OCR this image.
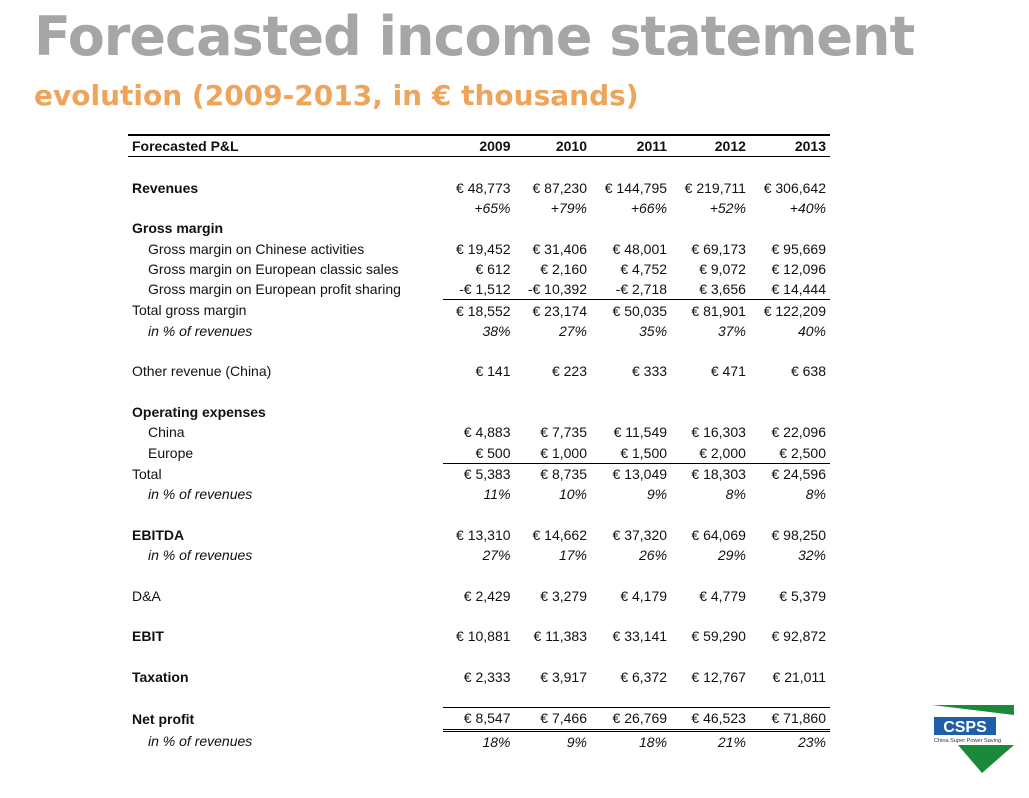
Forecasted income statement
evolution (2009-2013, in € thousands)
Forecasted P&L	2009	2010	2011	2012	2013

Revenues	€ 48,773	€ 87,230	€ 144,795	€ 219,711	€ 306,642
	+65%	+79%	+66%	+52%	+40%
Gross margin					
Gross margin on Chinese activities	€ 19,452	€ 31,406	€ 48,001	€ 69,173	€ 95,669
Gross margin on European classic sales	€ 612	€ 2,160	€ 4,752	€ 9,072	€ 12,096
Gross margin on European profit sharing	-€ 1,512	-€ 10,392	-€ 2,718	€ 3,656	€ 14,444
Total gross margin	€ 18,552	€ 23,174	€ 50,035	€ 81,901	€ 122,209
in % of revenues	38%	27%	35%	37%	40%

Other revenue (China)	€ 141	€ 223	€ 333	€ 471	€ 638

Operating expenses					
China	€ 4,883	€ 7,735	€ 11,549	€ 16,303	€ 22,096
Europe	€ 500	€ 1,000	€ 1,500	€ 2,000	€ 2,500
Total	€ 5,383	€ 8,735	€ 13,049	€ 18,303	€ 24,596
in % of revenues	11%	10%	9%	8%	8%

EBITDA	€ 13,310	€ 14,662	€ 37,320	€ 64,069	€ 98,250
in % of revenues	27%	17%	26%	29%	32%

D&A	€ 2,429	€ 3,279	€ 4,179	€ 4,779	€ 5,379

EBIT	€ 10,881	€ 11,383	€ 33,141	€ 59,290	€ 92,872

Taxation	€ 2,333	€ 3,917	€ 6,372	€ 12,767	€ 21,011

Net profit	€ 8,547	€ 7,466	€ 26,769	€ 46,523	€ 71,860
in % of revenues	18%	9%	18%	21%	23%
CSPS
China Super Power Saving
